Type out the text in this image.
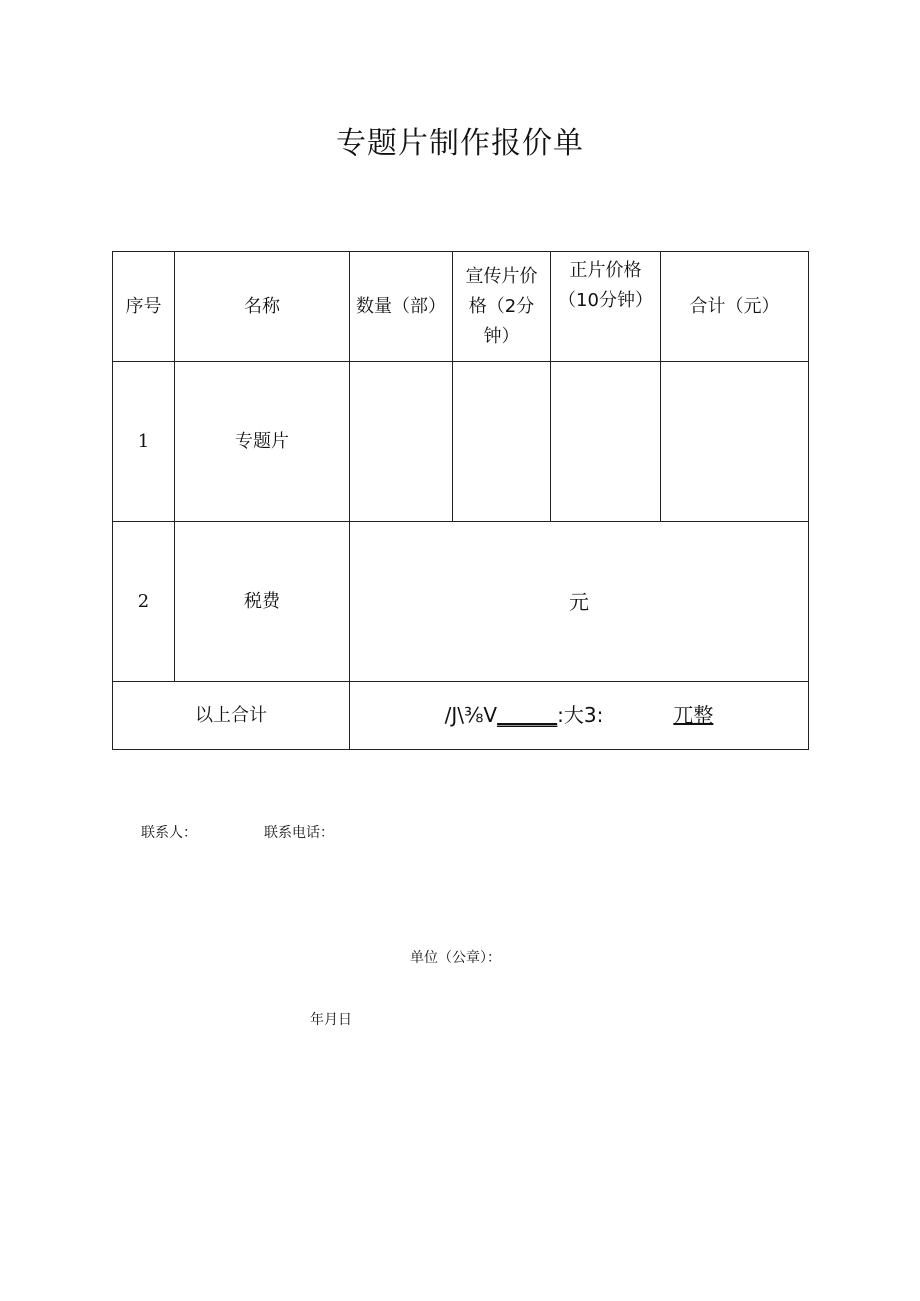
专题片制作报价单
序号	名称	数量（部）	宣传片价格（2分钟）	正片价格（10分钟）	合计（元）
1	专题片				
2	税费	元			
以上合计		/J\⅜V______:大3: 兀整			
联系人：	联系电话：
单位（公章）：
年月日
